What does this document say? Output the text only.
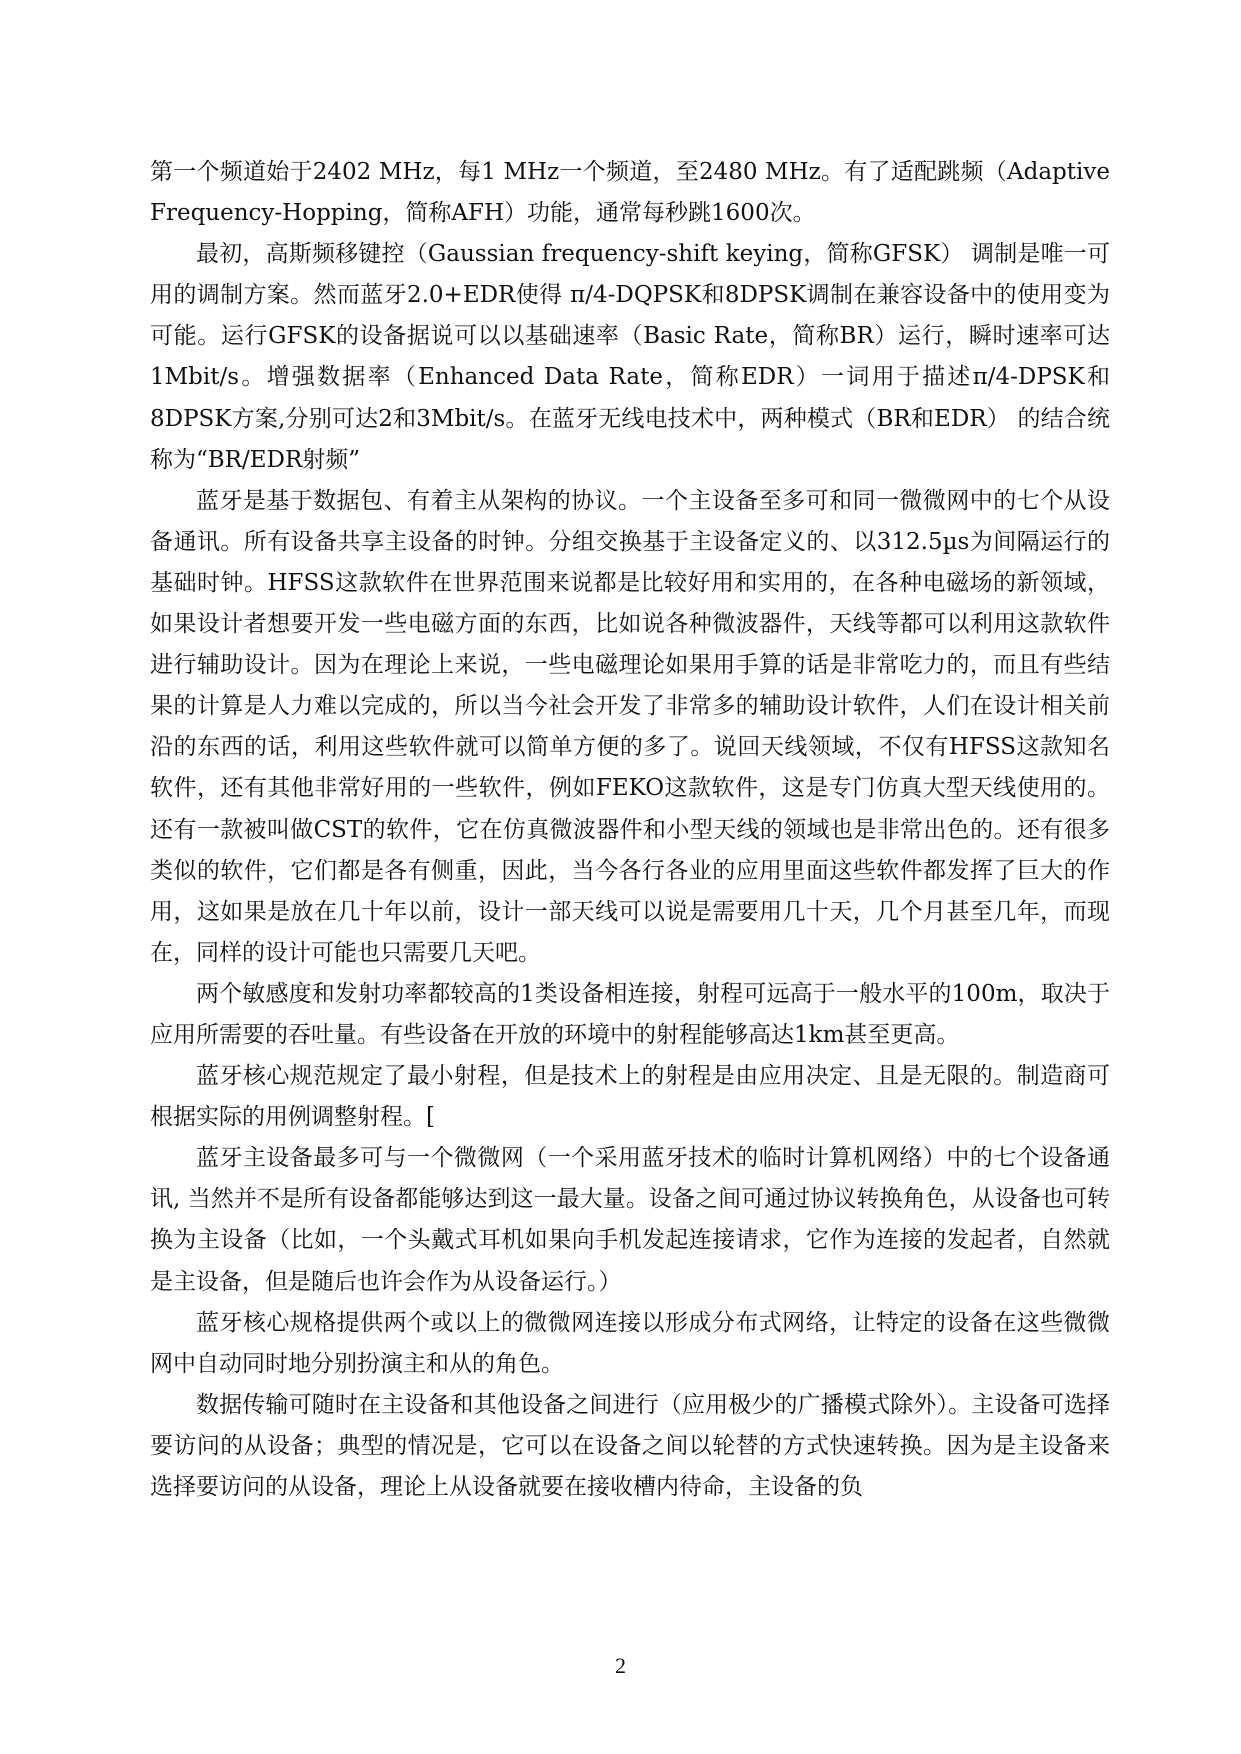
第一个频道始于2402 MHz，每1 MHz一个频道，至2480 MHz。有了适配跳频（Adaptive Frequency-Hopping，简称AFH）功能，通常每秒跳1600次。

最初，高斯频移键控（Gaussian frequency-shift keying，简称GFSK） 调制是唯一可用的调制方案。然而蓝牙2.0+EDR使得 π/4-DQPSK和8DPSK调制在兼容设备中的使用变为可能。运行GFSK的设备据说可以以基础速率（Basic Rate，简称BR）运行，瞬时速率可达1Mbit/s。增强数据率（Enhanced Data Rate，简称EDR）一词用于描述π/4-DPSK和8DPSK方案,分别可达2和3Mbit/s。在蓝牙无线电技术中，两种模式（BR和EDR） 的结合统称为“BR/EDR射频”

蓝牙是基于数据包、有着主从架构的协议。一个主设备至多可和同一微微网中的七个从设备通讯。所有设备共享主设备的时钟。分组交换基于主设备定义的、以312.5µs为间隔运行的基础时钟。HFSS这款软件在世界范围来说都是比较好用和实用的，在各种电磁场的新领域，如果设计者想要开发一些电磁方面的东西，比如说各种微波器件，天线等都可以利用这款软件进行辅助设计。因为在理论上来说，一些电磁理论如果用手算的话是非常吃力的，而且有些结果的计算是人力难以完成的，所以当今社会开发了非常多的辅助设计软件，人们在设计相关前沿的东西的话，利用这些软件就可以简单方便的多了。说回天线领域，不仅有HFSS这款知名软件，还有其他非常好用的一些软件，例如FEKO这款软件，这是专门仿真大型天线使用的。还有一款被叫做CST的软件，它在仿真微波器件和小型天线的领域也是非常出色的。还有很多类似的软件，它们都是各有侧重，因此，当今各行各业的应用里面这些软件都发挥了巨大的作用，这如果是放在几十年以前，设计一部天线可以说是需要用几十天，几个月甚至几年，而现在，同样的设计可能也只需要几天吧。

两个敏感度和发射功率都较高的1类设备相连接，射程可远高于一般水平的100m，取决于应用所需要的吞吐量。有些设备在开放的环境中的射程能够高达1km甚至更高。

蓝牙核心规范规定了最小射程，但是技术上的射程是由应用决定、且是无限的。制造商可根据实际的用例调整射程。[

蓝牙主设备最多可与一个微微网（一个采用蓝牙技术的临时计算机网络）中的七个设备通讯, 当然并不是所有设备都能够达到这一最大量。设备之间可通过协议转换角色，从设备也可转换为主设备（比如，一个头戴式耳机如果向手机发起连接请求，它作为连接的发起者，自然就是主设备，但是随后也许会作为从设备运行。）

蓝牙核心规格提供两个或以上的微微网连接以形成分布式网络，让特定的设备在这些微微网中自动同时地分别扮演主和从的角色。

数据传输可随时在主设备和其他设备之间进行（应用极少的广播模式除外）。主设备可选择要访问的从设备；典型的情况是，它可以在设备之间以轮替的方式快速转换。因为是主设备来选择要访问的从设备，理论上从设备就要在接收槽内待命，主设备的负

2
